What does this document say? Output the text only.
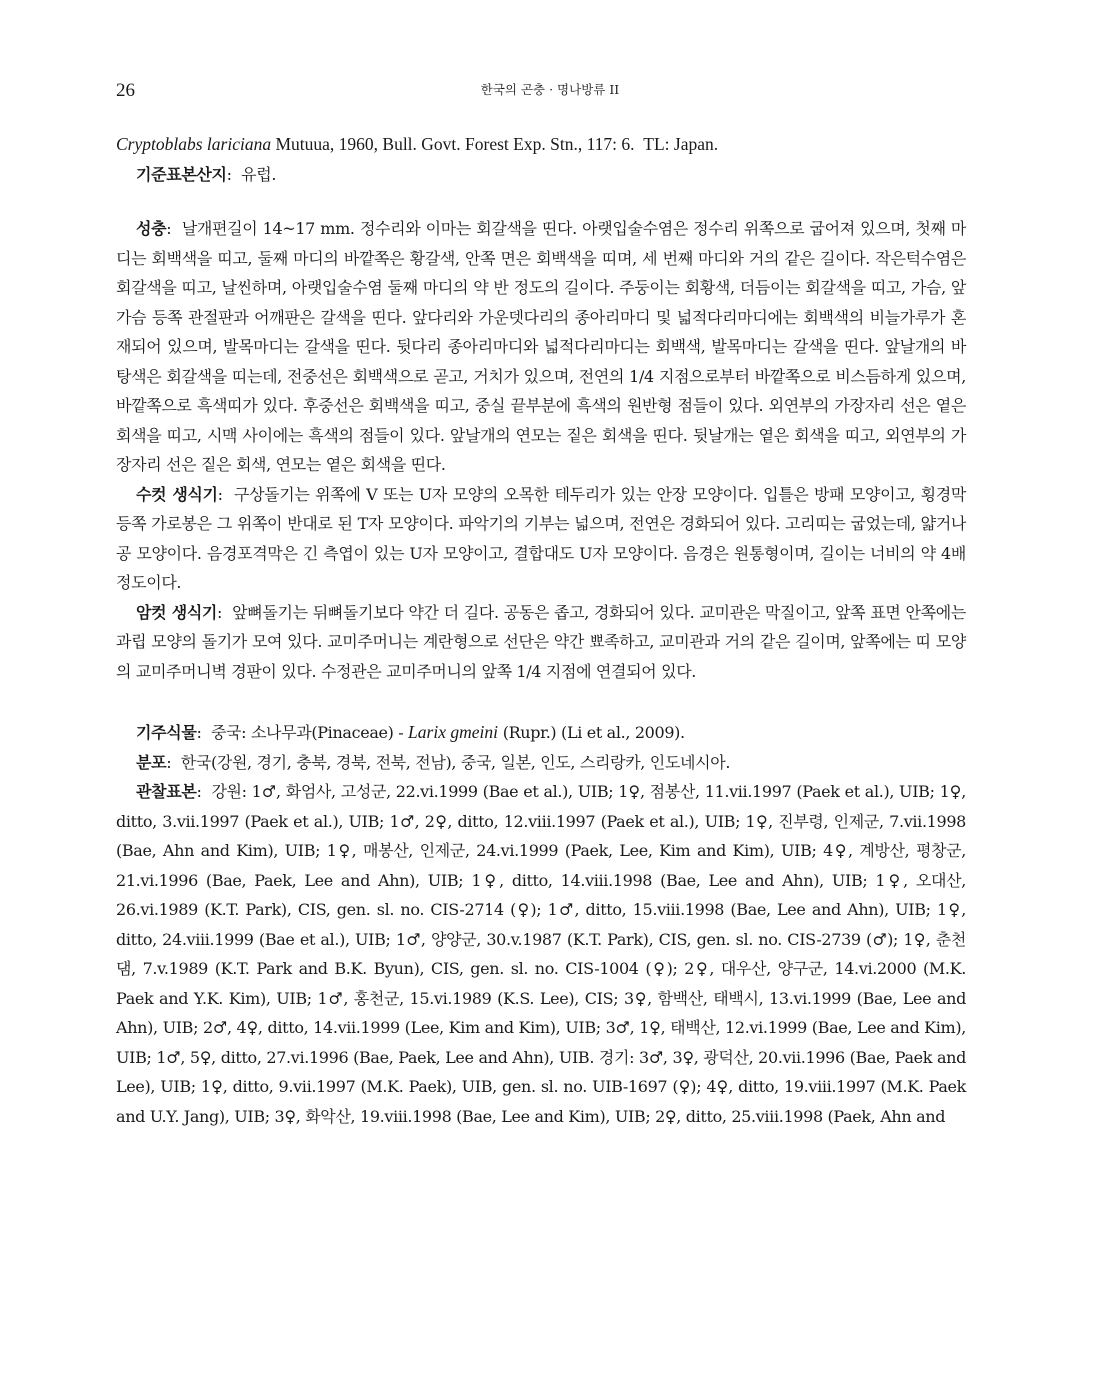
26	한국의 곤충 · 명나방류 II

Cryptoblabs lariciana Mutuua, 1960, Bull. Govt. Forest Exp. Stn., 117: 6. TL: Japan.

기준표본산지:  유럽.

성충:  날개편길이 14~17 mm. 정수리와 이마는 회갈색을 띤다. 아랫입술수염은 정수리 위쪽으로 굽어져 있으며, 첫째 마디는 회백색을 띠고, 둘째 마디의 바깥쪽은 황갈색, 안쪽 면은 회백색을 띠며, 세 번째 마디와 거의 같은 길이다. 작은턱수염은 회갈색을 띠고, 날씬하며, 아랫입술수염 둘째 마디의 약 반 정도의 길이다. 주둥이는 회황색, 더듬이는 회갈색을 띠고, 가슴, 앞가슴 등쪽 관절판과 어깨판은 갈색을 띤다. 앞다리와 가운뎃다리의 종아리마디 및 넓적다리마디에는 회백색의 비늘가루가 혼재되어 있으며, 발목마디는 갈색을 띤다. 뒷다리 종아리마디와 넓적다리마디는 회백색, 발목마디는 갈색을 띤다. 앞날개의 바탕색은 회갈색을 띠는데, 전중선은 회백색으로 곧고, 거치가 있으며, 전연의 1/4 지점으로부터 바깥쪽으로 비스듬하게 있으며, 바깥쪽으로 흑색띠가 있다. 후중선은 회백색을 띠고, 중실 끝부분에 흑색의 원반형 점들이 있다. 외연부의 가장자리 선은 옅은 회색을 띠고, 시맥 사이에는 흑색의 점들이 있다. 앞날개의 연모는 짙은 회색을 띤다. 뒷날개는 옅은 회색을 띠고, 외연부의 가장자리 선은 짙은 회색, 연모는 옅은 회색을 띤다.

수컷 생식기:  구상돌기는 위쪽에 V 또는 U자 모양의 오목한 테두리가 있는 안장 모양이다. 입틀은 방패 모양이고, 횡경막 등쪽 가로봉은 그 위쪽이 반대로 된 T자 모양이다. 파악기의 기부는 넓으며, 전연은 경화되어 있다. 고리띠는 굽었는데, 얇거나 공 모양이다. 음경포격막은 긴 측엽이 있는 U자 모양이고, 결합대도 U자 모양이다. 음경은 원통형이며, 길이는 너비의 약 4배 정도이다.

암컷 생식기:  앞뼈돌기는 뒤뼈돌기보다 약간 더 길다. 공동은 좁고, 경화되어 있다. 교미관은 막질이고, 앞쪽 표면 안쪽에는 과립 모양의 돌기가 모여 있다. 교미주머니는 계란형으로 선단은 약간 뾰족하고, 교미관과 거의 같은 길이며, 앞쪽에는 띠 모양의 교미주머니벽 경판이 있다. 수정관은 교미주머니의 앞쪽 1/4 지점에 연결되어 있다.

기주식물:  중국: 소나무과(Pinaceae) - Larix gmeini (Rupr.) (Li et al., 2009).

분포:  한국(강원, 경기, 충북, 경북, 전북, 전남), 중국, 일본, 인도, 스리랑카, 인도네시아.

관찰표본:  강원: 1♂, 화엄사, 고성군, 22.vi.1999 (Bae et al.), UIB; 1♀, 점봉산, 11.vii.1997 (Paek et al.), UIB; 1♀, ditto, 3.vii.1997 (Paek et al.), UIB; 1♂, 2♀, ditto, 12.viii.1997 (Paek et al.), UIB; 1♀, 진부령, 인제군, 7.vii.1998 (Bae, Ahn and Kim), UIB; 1♀, 매봉산, 인제군, 24.vi.1999 (Paek, Lee, Kim and Kim), UIB; 4♀, 계방산, 평창군, 21.vi.1996 (Bae, Paek, Lee and Ahn), UIB; 1♀, ditto, 14.viii.1998 (Bae, Lee and Ahn), UIB; 1♀, 오대산, 26.vi.1989 (K.T. Park), CIS, gen. sl. no. CIS-2714 (♀); 1♂, ditto, 15.viii.1998 (Bae, Lee and Ahn), UIB; 1♀, ditto, 24.viii.1999 (Bae et al.), UIB; 1♂, 양양군, 30.v.1987 (K.T. Park), CIS, gen. sl. no. CIS-2739 (♂); 1♀, 춘천댐, 7.v.1989 (K.T. Park and B.K. Byun), CIS, gen. sl. no. CIS-1004 (♀); 2♀, 대우산, 양구군, 14.vi.2000 (M.K. Paek and Y.K. Kim), UIB; 1♂, 홍천군, 15.vi.1989 (K.S. Lee), CIS; 3♀, 함백산, 태백시, 13.vi.1999 (Bae, Lee and Ahn), UIB; 2♂, 4♀, ditto, 14.vii.1999 (Lee, Kim and Kim), UIB; 3♂, 1♀, 태백산, 12.vi.1999 (Bae, Lee and Kim), UIB; 1♂, 5♀, ditto, 27.vi.1996 (Bae, Paek, Lee and Ahn), UIB. 경기: 3♂, 3♀, 광덕산, 20.vii.1996 (Bae, Paek and Lee), UIB; 1♀, ditto, 9.vii.1997 (M.K. Paek), UIB, gen. sl. no. UIB-1697 (♀); 4♀, ditto, 19.viii.1997 (M.K. Paek and U.Y. Jang), UIB; 3♀, 화악산, 19.viii.1998 (Bae, Lee and Kim), UIB; 2♀, ditto, 25.viii.1998 (Paek, Ahn and
